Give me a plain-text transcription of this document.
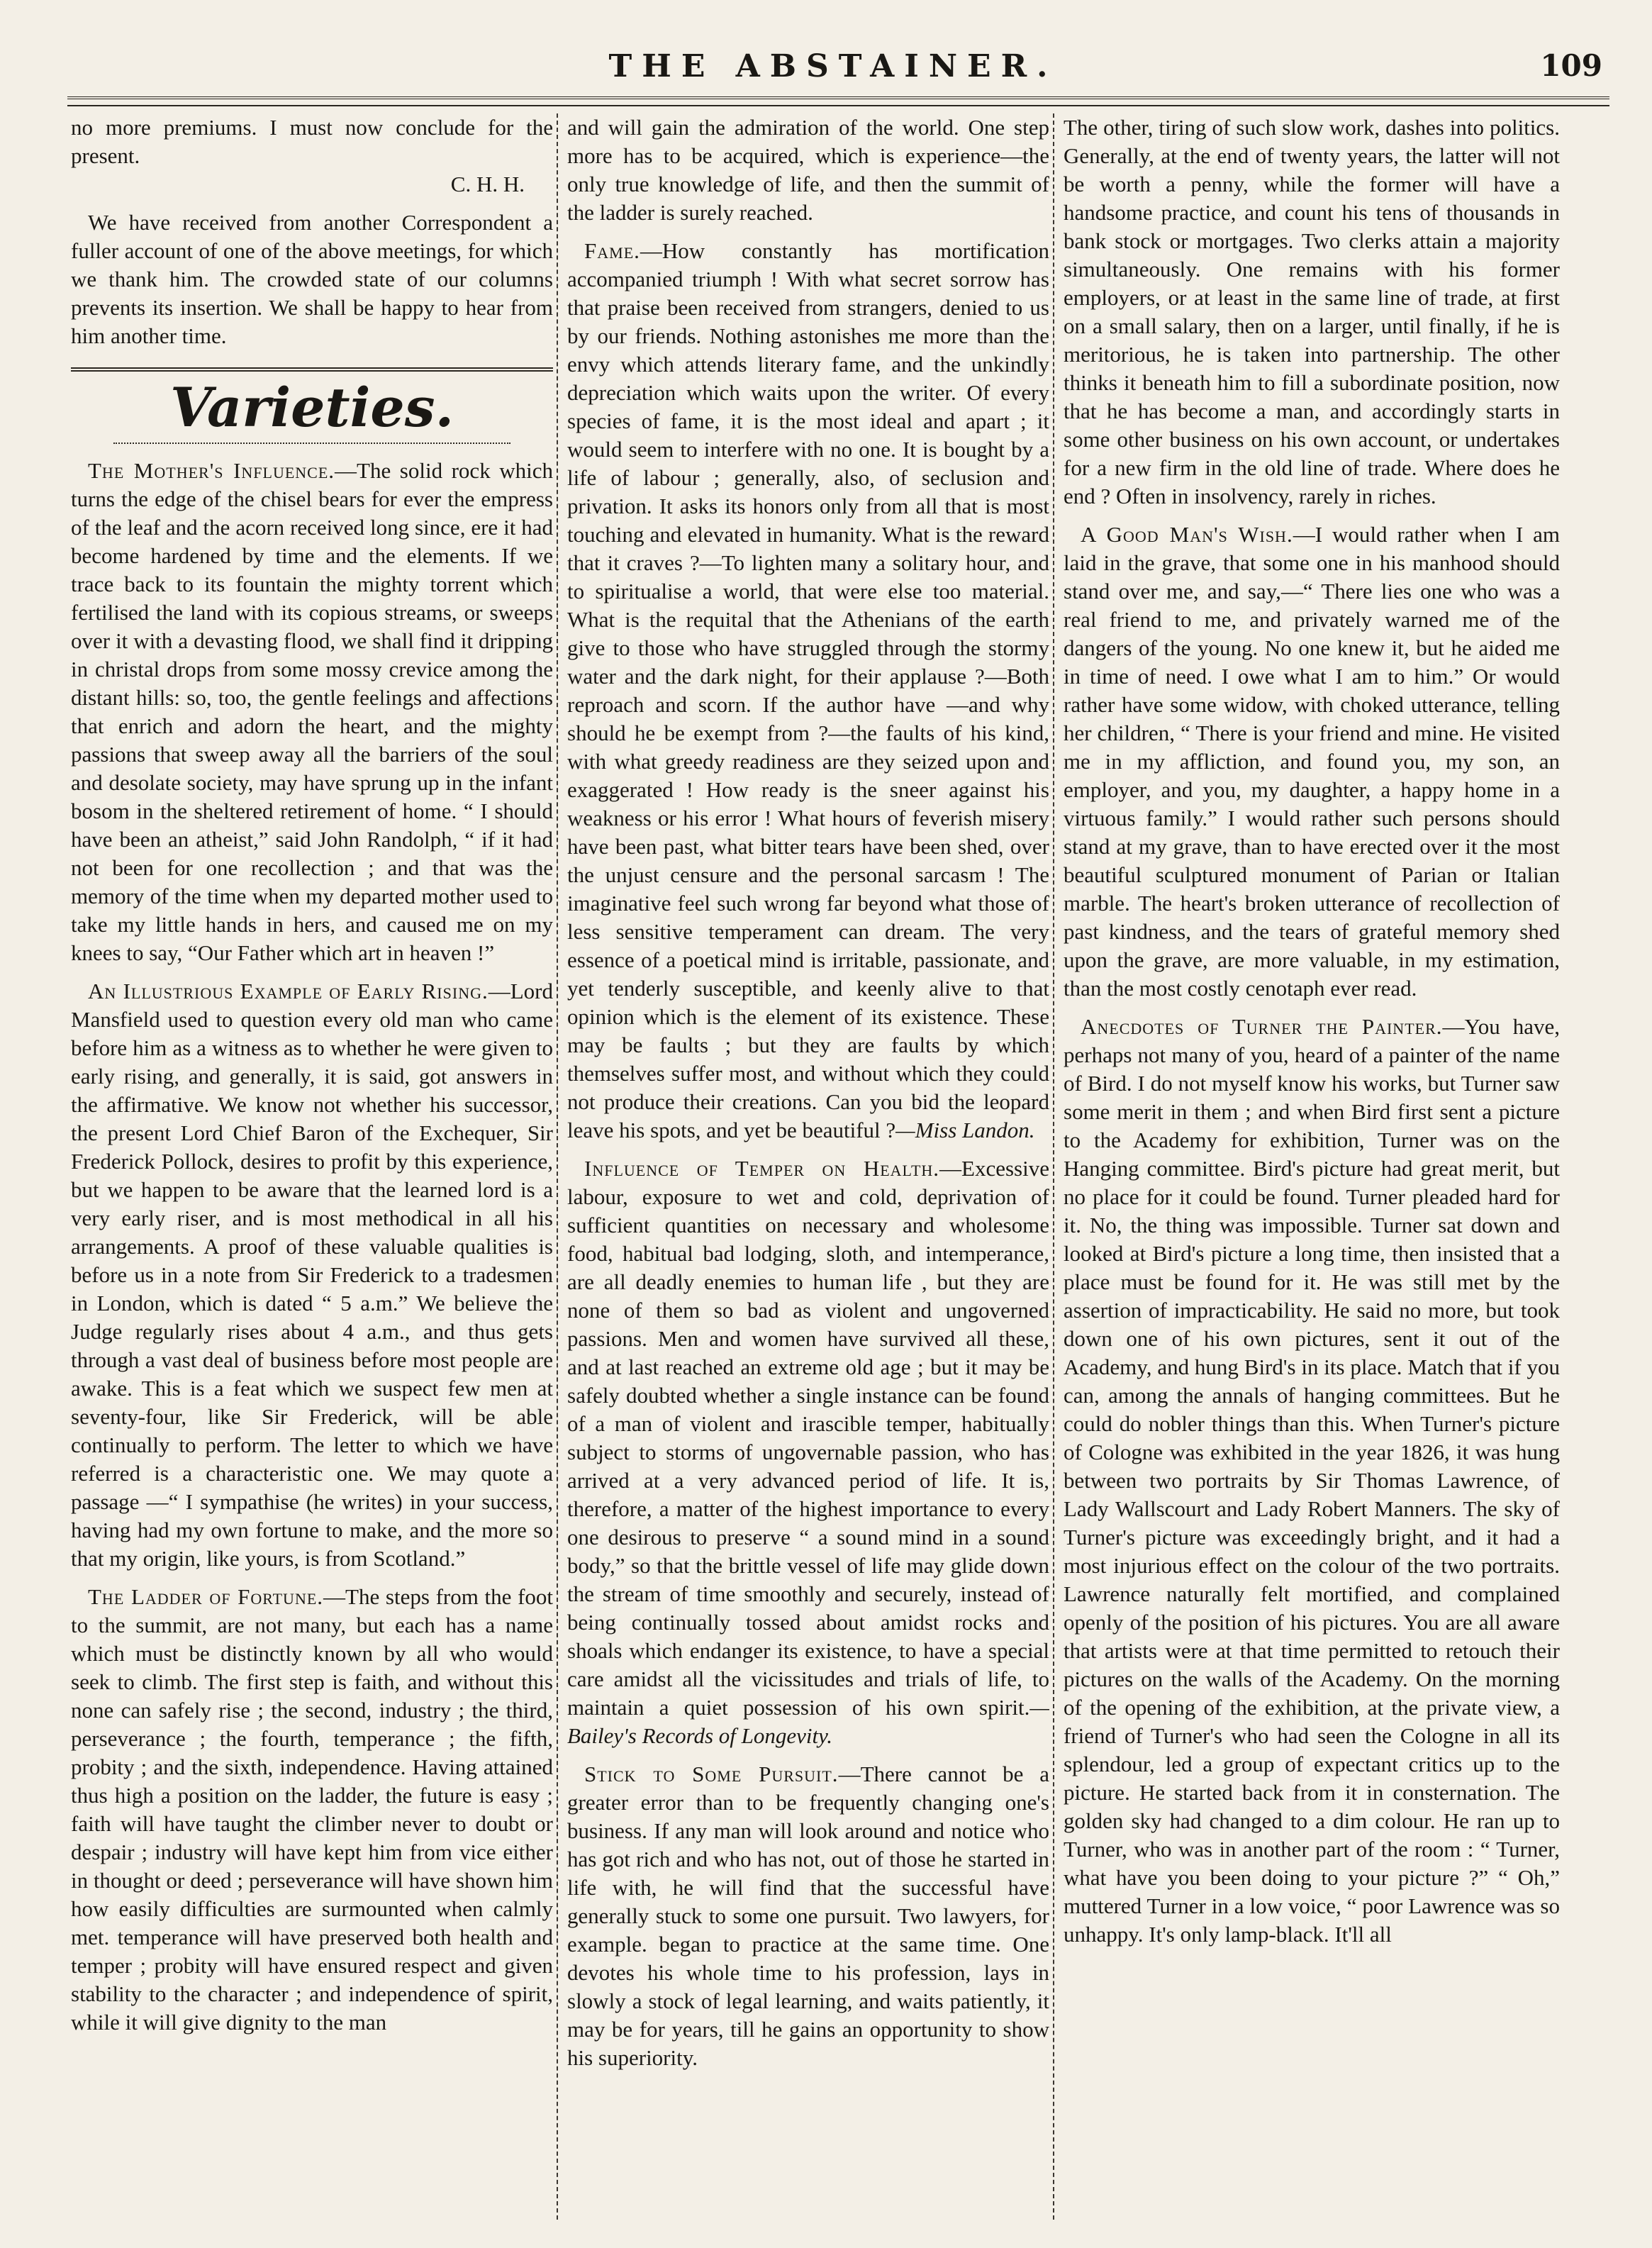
THE ABSTAINER.	109

no more premiums. I must now conclude for the present.
C. H. H.

We have received from another Correspondent a fuller account of one of the above meetings, for which we thank him. The crowded state of our columns prevents its insertion. We shall be happy to hear from him another time.

Varieties.

The Mother's Influence.—The solid rock which turns the edge of the chisel bears for ever the empress of the leaf and the acorn received long since, ere it had become hardened by time and the elements. If we trace back to its fountain the mighty torrent which fertilised the land with its copious streams, or sweeps over it with a devasting flood, we shall find it dripping in christal drops from some mossy crevice among the distant hills: so, too, the gentle feelings and affections that enrich and adorn the heart, and the mighty passions that sweep away all the barriers of the soul and desolate society, may have sprung up in the infant bosom in the sheltered retirement of home. “ I should have been an atheist,” said John Randolph, “ if it had not been for one recollection ; and that was the memory of the time when my departed mother used to take my little hands in hers, and caused me on my knees to say, “Our Father which art in heaven !”

An Illustrious Example of Early Rising.—Lord Mansfield used to question every old man who came before him as a witness as to whether he were given to early rising, and generally, it is said, got answers in the affirmative. We know not whether his successor, the present Lord Chief Baron of the Exchequer, Sir Frederick Pollock, desires to profit by this experience, but we happen to be aware that the learned lord is a very early riser, and is most methodical in all his arrangements. A proof of these valuable qualities is before us in a note from Sir Frederick to a tradesmen in London, which is dated “ 5 a.m.” We believe the Judge regularly rises about 4 a.m., and thus gets through a vast deal of business before most people are awake. This is a feat which we suspect few men at seventy-four, like Sir Frederick, will be able continually to perform. The letter to which we have referred is a characteristic one. We may quote a passage —“ I sympathise (he writes) in your success, having had my own fortune to make, and the more so that my origin, like yours, is from Scotland.”

The Ladder of Fortune.—The steps from the foot to the summit, are not many, but each has a name which must be distinctly known by all who would seek to climb. The first step is faith, and without this none can safely rise ; the second, industry ; the third, perseverance ; the fourth, temperance ; the fifth, probity ; and the sixth, independence. Having attained thus high a position on the ladder, the future is easy ; faith will have taught the climber never to doubt or despair ; industry will have kept him from vice either in thought or deed ; perseverance will have shown him how easily difficulties are surmounted when calmly met. temperance will have preserved both health and temper ; probity will have ensured respect and given stability to the character ; and independence of spirit, while it will give dignity to the man

and will gain the admiration of the world. One step more has to be acquired, which is experience—the only true knowledge of life, and then the summit of the ladder is surely reached.

Fame.—How constantly has mortification accompanied triumph ! With what secret sorrow has that praise been received from strangers, denied to us by our friends. Nothing astonishes me more than the envy which attends literary fame, and the unkindly depreciation which waits upon the writer. Of every species of fame, it is the most ideal and apart ; it would seem to interfere with no one. It is bought by a life of labour ; generally, also, of seclusion and privation. It asks its honors only from all that is most touching and elevated in humanity. What is the reward that it craves ?—To lighten many a solitary hour, and to spiritualise a world, that were else too material. What is the requital that the Athenians of the earth give to those who have struggled through the stormy water and the dark night, for their applause ?—Both reproach and scorn. If the author have —and why should he be exempt from ?—the faults of his kind, with what greedy readiness are they seized upon and exaggerated ! How ready is the sneer against his weakness or his error ! What hours of feverish misery have been past, what bitter tears have been shed, over the unjust censure and the personal sarcasm ! The imaginative feel such wrong far beyond what those of less sensitive temperament can dream. The very essence of a poetical mind is irritable, passionate, and yet tenderly susceptible, and keenly alive to that opinion which is the element of its existence. These may be faults ; but they are faults by which themselves suffer most, and without which they could not produce their creations. Can you bid the leopard leave his spots, and yet be beautiful ?—Miss Landon.

Influence of Temper on Health.—Excessive labour, exposure to wet and cold, deprivation of sufficient quantities on necessary and wholesome food, habitual bad lodging, sloth, and intemperance, are all deadly enemies to human life , but they are none of them so bad as violent and ungoverned passions. Men and women have survived all these, and at last reached an extreme old age ; but it may be safely doubted whether a single instance can be found of a man of violent and irascible temper, habitually subject to storms of ungovernable passion, who has arrived at a very advanced period of life. It is, therefore, a matter of the highest importance to every one desirous to preserve “ a sound mind in a sound body,” so that the brittle vessel of life may glide down the stream of time smoothly and securely, instead of being continually tossed about amidst rocks and shoals which endanger its existence, to have a special care amidst all the vicissitudes and trials of life, to maintain a quiet possession of his own spirit.—Bailey's Records of Longevity.

Stick to Some Pursuit.—There cannot be a greater error than to be frequently changing one's business. If any man will look around and notice who has got rich and who has not, out of those he started in life with, he will find that the successful have generally stuck to some one pursuit. Two lawyers, for example. began to practice at the same time. One devotes his whole time to his profession, lays in slowly a stock of legal learning, and waits patiently, it may be for years, till he gains an opportunity to show his superiority.

The other, tiring of such slow work, dashes into politics. Generally, at the end of twenty years, the latter will not be worth a penny, while the former will have a handsome practice, and count his tens of thousands in bank stock or mortgages. Two clerks attain a majority simultaneously. One remains with his former employers, or at least in the same line of trade, at first on a small salary, then on a larger, until finally, if he is meritorious, he is taken into partnership. The other thinks it beneath him to fill a subordinate position, now that he has become a man, and accordingly starts in some other business on his own account, or undertakes for a new firm in the old line of trade. Where does he end ? Often in insolvency, rarely in riches.

A Good Man's Wish.—I would rather when I am laid in the grave, that some one in his manhood should stand over me, and say,—“ There lies one who was a real friend to me, and privately warned me of the dangers of the young. No one knew it, but he aided me in time of need. I owe what I am to him.” Or would rather have some widow, with choked utterance, telling her children, “ There is your friend and mine. He visited me in my affliction, and found you, my son, an employer, and you, my daughter, a happy home in a virtuous family.” I would rather such persons should stand at my grave, than to have erected over it the most beautiful sculptured monument of Parian or Italian marble. The heart's broken utterance of recollection of past kindness, and the tears of grateful memory shed upon the grave, are more valuable, in my estimation, than the most costly cenotaph ever read.

Anecdotes of Turner the Painter.—You have, perhaps not many of you, heard of a painter of the name of Bird. I do not myself know his works, but Turner saw some merit in them ; and when Bird first sent a picture to the Academy for exhibition, Turner was on the Hanging committee. Bird's picture had great merit, but no place for it could be found. Turner pleaded hard for it. No, the thing was impossible. Turner sat down and looked at Bird's picture a long time, then insisted that a place must be found for it. He was still met by the assertion of impracticability. He said no more, but took down one of his own pictures, sent it out of the Academy, and hung Bird's in its place. Match that if you can, among the annals of hanging committees. But he could do nobler things than this. When Turner's picture of Cologne was exhibited in the year 1826, it was hung between two portraits by Sir Thomas Lawrence, of Lady Wallscourt and Lady Robert Manners. The sky of Turner's picture was exceedingly bright, and it had a most injurious effect on the colour of the two portraits. Lawrence naturally felt mortified, and complained openly of the position of his pictures. You are all aware that artists were at that time permitted to retouch their pictures on the walls of the Academy. On the morning of the opening of the exhibition, at the private view, a friend of Turner's who had seen the Cologne in all its splendour, led a group of expectant critics up to the picture. He started back from it in consternation. The golden sky had changed to a dim colour. He ran up to Turner, who was in another part of the room : “ Turner, what have you been doing to your picture ?” “ Oh,” muttered Turner in a low voice, “ poor Lawrence was so unhappy. It's only lamp-black. It'll all
